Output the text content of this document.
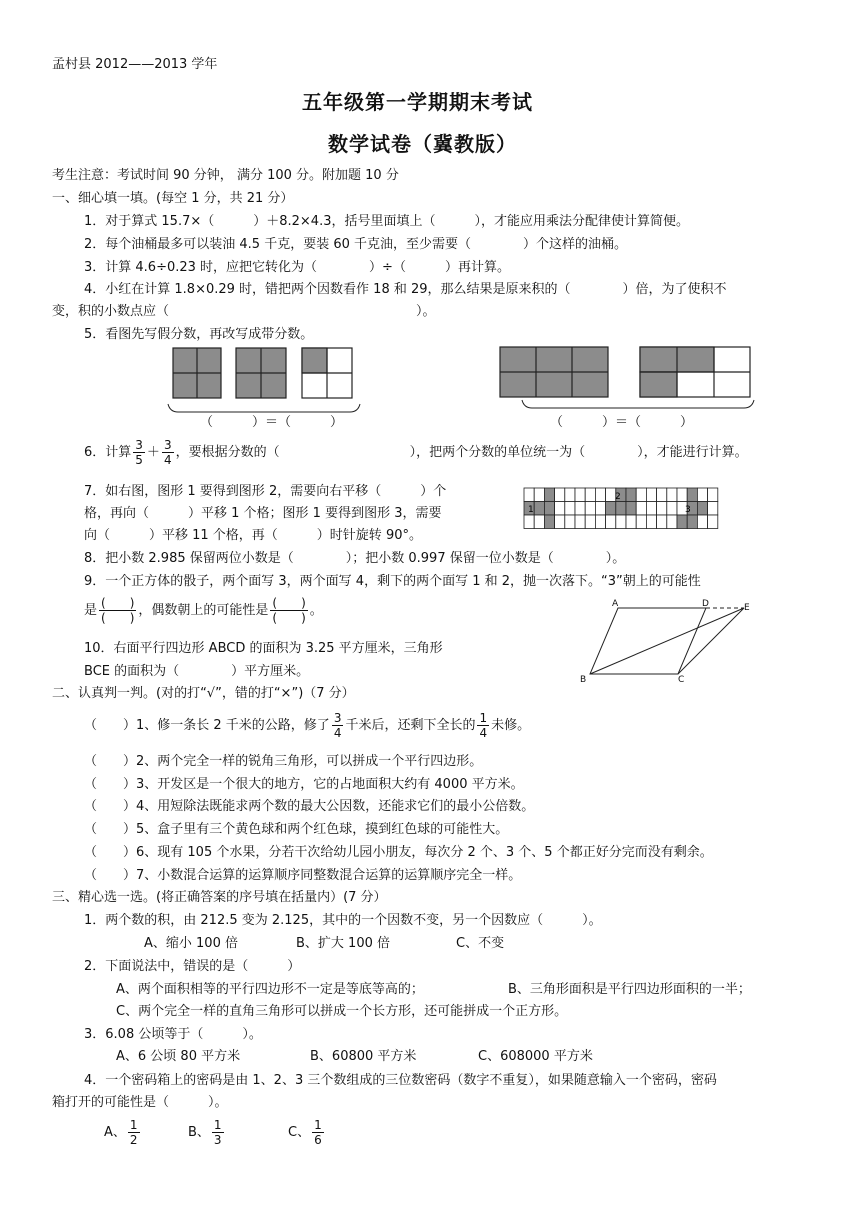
孟村县 2012——2013 学年
五年级第一学期期末考试
数学试卷（冀教版）
考生注意：考试时间 90 分钟， 满分 100 分。附加题 10 分
一、细心填一填。(每空 1 分，共 21 分）
1．对于算式 15.7×（　　　）＋8.2×4.3，括号里面填上（　　　），才能应用乘法分配律使计算简便。
2．每个油桶最多可以装油 4.5 千克，要装 60 千克油，至少需要（　　　　）个这样的油桶。
3．计算 4.6÷0.23 时，应把它转化为（　　　　）÷（　　　）再计算。
4．小红在计算 1.8×0.29 时，错把两个因数看作 18 和 29，那么结果是原来积的（　　　　）倍，为了使积不
变，积的小数点应（　　　　　　　　　　　　　　　　　　　）。
5．看图先写假分数，再改写成带分数。
（　　　）＝（　　　）	（　　　）＝（　　　）
6．计算 $\frac{3}{5} + \frac{3}{4}$ ，要根据分数的（　　　　　　　　　　），把两个分数的单位统一为（　　　　），才能进行计算。
7．如右图，图形 1 要得到图形 2，需要向右平移（　　　）个
格，再向（　　　）平移 1 个格；图形 1 要得到图形 3，需要
向（　　　）平移 11 个格，再（　　　）时针旋转 90°。
1
2
3
8．把小数 2.985 保留两位小数是（　　　　）；把小数 0.997 保留一位小数是（　　　　）。
9．一个正方体的骰子，两个面写 3，两个面写 4，剩下的两个面写 1 和 2，抛一次落下。“3”朝上的可能性
是 $\frac{( )}{( )}$ ，偶数朝上的可能性是 $\frac{( )}{( )}$ 。	A	D	E
B	C
10．右面平行四边形 ABCD 的面积为 3.25 平方厘米，三角形
BCE 的面积为（　　　　）平方厘米。
二、认真判一判。(对的打“√”，错的打“×”)（7 分）
（　　）1、修一条长 2 千米的公路，修了 $\frac{3}{4}$ 千米后，还剩下全长的 $\frac{1}{4}$ 未修。
（　　）2、两个完全一样的锐角三角形，可以拼成一个平行四边形。
（　　）3、开发区是一个很大的地方，它的占地面积大约有 4000 平方米。
（　　）4、用短除法既能求两个数的最大公因数，还能求它们的最小公倍数。
（　　）5、盒子里有三个黄色球和两个红色球，摸到红色球的可能性大。
（　　）6、现有 105 个水果，分若干次给幼儿园小朋友，每次分 2 个、3 个、5 个都正好分完而没有剩余。
（　　）7、小数混合运算的运算顺序同整数混合运算的运算顺序完全一样。
三、精心选一选。(将正确答案的序号填在括量内）(7 分）
1．两个数的积，由 212.5 变为 2.125，其中的一个因数不变，另一个因数应（　　　）。
A、缩小 100 倍	B、扩大 100 倍	C、不变
2．下面说法中，错误的是（　　　）
A、两个面积相等的平行四边形不一定是等底等高的；	B、三角形面积是平行四边形面积的一半；
C、两个完全一样的直角三角形可以拼成一个长方形，还可能拼成一个正方形。
3．6.08 公顷等于（　　　）。
A、6 公顷 80 平方米	B、60800 平方米	C、608000 平方米
4．一个密码箱上的密码是由 1、2、3 三个数组成的三位数密码（数字不重复），如果随意输入一个密码，密码
箱打开的可能性是（　　　）。
A、 $\frac{1}{2}$	B、 $\frac{1}{3}$	C、 $\frac{1}{6}$
